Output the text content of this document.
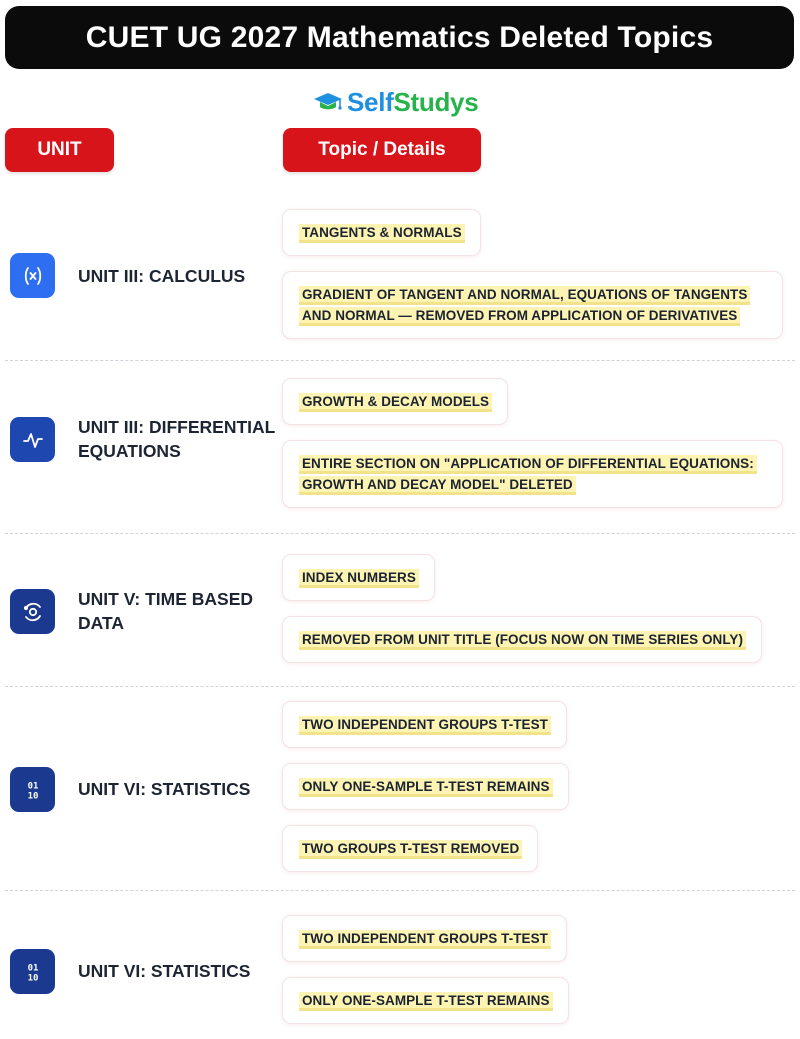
CUET UG 2027 Mathematics Deleted Topics
SelfStudys
UNIT	Topic / Details
UNIT III: CALCULUS
TANGENTS & NORMALS
GRADIENT OF TANGENT AND NORMAL, EQUATIONS OF TANGENTS AND NORMAL — REMOVED FROM APPLICATION OF DERIVATIVES
UNIT III: DIFFERENTIAL EQUATIONS
GROWTH & DECAY MODELS
ENTIRE SECTION ON "APPLICATION OF DIFFERENTIAL EQUATIONS: GROWTH AND DECAY MODEL" DELETED
UNIT V: TIME BASED DATA
INDEX NUMBERS
REMOVED FROM UNIT TITLE (FOCUS NOW ON TIME SERIES ONLY)
01
10 UNIT VI: STATISTICS
TWO INDEPENDENT GROUPS T-TEST
ONLY ONE-SAMPLE T-TEST REMAINS
TWO GROUPS T-TEST REMOVED
01
10 UNIT VI: STATISTICS
TWO INDEPENDENT GROUPS T-TEST
ONLY ONE-SAMPLE T-TEST REMAINS
